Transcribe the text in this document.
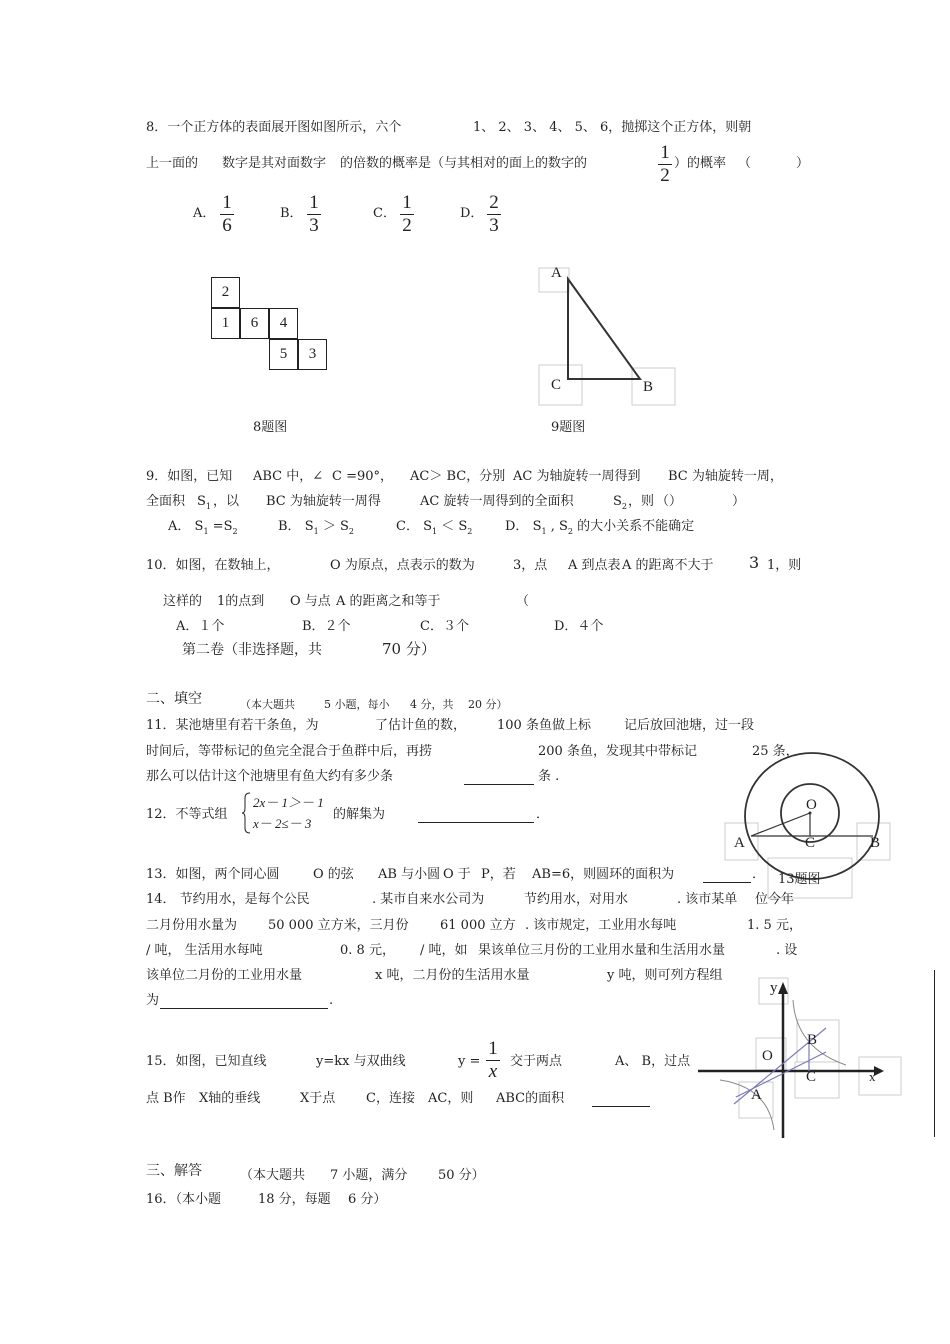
8．一个正方体的表面展开图如图所示，六个	1、 2、 3、 4、 5、 6，抛掷这个正方体，则朝
上一面的 数字是其对面数字 的倍数的概率是（与其相对的面上的数字的
1
2
）的概率 （	）
A．
1
6
B．
1
3
C．
1
2
D．
2
3
2
1	6	4
5	3
8题图
A
C	B
9题图
9．如图，已知 ABC 中，∠ C =90°， AC＞ BC，分别 AC 为轴旋转一周得到 BC 为轴旋转一周，
全面积 $S_1$ ，以 BC 为轴旋转一周得	AC 旋转一周得到的全面积	$S_2$ ，则 （）	）
A． $S_1 =S_2$	B． $S_1 > S_2$	C． $S_1 < S_2$	D． $S_1$ , $S_2$ 的大小关系不能确定
10．如图，在数轴上，	O 为原点，点表示的数为	3，点 A 到点表 A 的距离不大于 3 1，则
这样的 1的点到 O 与点 A 的距离之和等于	（
A．１个	B．２个	C．３个	D．４个
第二卷（非选择题，共	70 分）
二、填空	（本大题共	5 小题，每小 4 分，共 20 分）
11．某池塘里有若干条鱼，为	了估计鱼的数， 100 条鱼做上标	记后放回池塘，过一段
时间后，等带标记的鱼完全混合于鱼群中后，再捞	200 条鱼，发现其中带标记	25 条，
那么可以估计这个池塘里有鱼大约有多少条	条 .
12．不等式组
2x－ 1＞－ 1
x－ 2≤－ 3
的解集为	．
O
A	C	B
13题图
13．如图，两个同心圆	O 的弦 AB 与小圆 O 于 P，若 AB=6，则圆环的面积为	．
14． 节约用水，是每个公民	. 某市自来水公司为	节约用水，对用水	. 该市某单 位今年
二月份用水量为 50 000 立方米，三月份 61 000 立方 . 该市规定，工业用水每吨	1. 5 元，
/ 吨， 生活用水每吨	0. 8 元， / 吨，如 果该单位三月份的工业用水量和生活用水量	. 设
该单位二月份的工业用水量	x 吨，二月份的生活用水量	y 吨，则可列方程组
为	.
y
x
O
B
C
A
15．如图，已知直线	y=kx 与双曲线	y =
1
x 交于两点	A、 B，过点
点 B作 X轴的垂线	X于点 C，连接 AC，则 ABC的面积
三、解答	（本大题共 7 小题，满分 50 分）
16．（本小题	18 分，每题 6 分）
